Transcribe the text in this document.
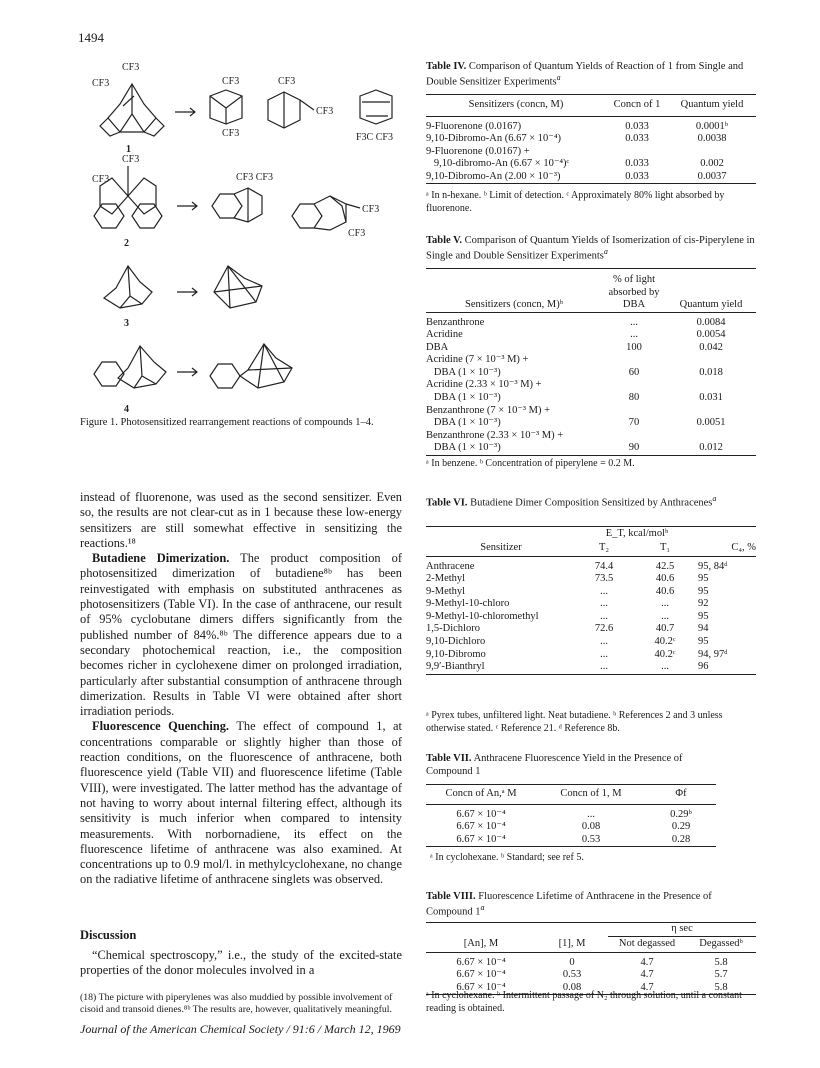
1494
CF3
CF3
1
CF3
CF3
CF3
CF3
F3C CF3
CF3
CF3
2
CF3 CF3
CF3
CF3
3
4
Figure 1. Photosensitized rearrangement reactions of compounds 1–4.
Table IV. Comparison of Quantum Yields of Reaction of 1 from Single and Double Sensitizer Experiments$^a$
Sensitizers (concn, M)	Concn of 1	Quantum yield

9-Fluorenone (0.0167)	0.033	0.0001ᵇ
9,10-Dibromo-An (6.67 × 10⁻⁴)	0.033	0.0038
9-Fluorenone (0.0167) +		
9,10-dibromo-An (6.67 × 10⁻⁴)ᶜ	0.033	0.002
9,10-Dibromo-An (2.00 × 10⁻³)	0.033	0.0037
ᵃ In n-hexane. ᵇ Limit of detection. ᶜ Approximately 80% light absorbed by fluorenone.
Table V. Comparison of Quantum Yields of Isomerization of cis-Piperylene in Single and Double Sensitizer Experiments$^a$
Sensitizers (concn, M)ᵇ	% of light absorbed by DBA	Quantum yield

Benzanthrone	...	0.0084
Acridine	...	0.0054
DBA	100	0.042
Acridine (7 × 10⁻³ M) +		
DBA (1 × 10⁻³)	60	0.018
Acridine (2.33 × 10⁻³ M) +		
DBA (1 × 10⁻³)	80	0.031
Benzanthrone (7 × 10⁻³ M) +		
DBA (1 × 10⁻³)	70	0.0051
Benzanthrone (2.33 × 10⁻³ M) +		
DBA (1 × 10⁻³)	90	0.012
ᵃ In benzene. ᵇ Concentration of piperylene = 0.2 M.
Table VI. Butadiene Dimer Composition Sensitized by Anthracenes$^a$
	E_T, kcal/molᵇ		
Sensitizer	T₂	T₁	C₄, %

Anthracene	74.4	42.5	95, 84ᵈ
2-Methyl	73.5	40.6	95
9-Methyl	...	40.6	95
9-Methyl-10-chloro	...	...	92
9-Methyl-10-chloromethyl	...	...	95
1,5-Dichloro	72.6	40.7	94
9,10-Dichloro	...	40.2ᶜ	95
9,10-Dibromo	...	40.2ᶜ	94, 97ᵈ
9,9′-Bianthryl	...	...	96
ᵃ Pyrex tubes, unfiltered light. Neat butadiene. ᵇ References 2 and 3 unless otherwise stated. ᶜ Reference 21. ᵈ Reference 8b.
Table VII. Anthracene Fluorescence Yield in the Presence of Compound 1
Concn of An,ᵃ M	Concn of 1, M	Φf

6.67 × 10⁻⁴	...	0.29ᵇ
6.67 × 10⁻⁴	0.08	0.29
6.67 × 10⁻⁴	0.53	0.28
ᵃ In cyclohexane. ᵇ Standard; see ref 5.
Table VIII. Fluorescence Lifetime of Anthracene in the Presence of Compound 1$^a$
		η sec	
[An], M	[1], M	Not degassed	Degassedᵇ

6.67 × 10⁻⁴	0	4.7	5.8
6.67 × 10⁻⁴	0.53	4.7	5.7
6.67 × 10⁻⁴	0.08	4.7	5.8
ᵃ In cyclohexane. ᵇ Intermittent passage of N₂ through solution, until a constant reading is obtained.

instead of fluorenone, was used as the second sensitizer. Even so, the results are not clear-cut as in 1 because these low-energy sensitizers are still somewhat effective in sensitizing the reactions.¹⁸

Butadiene Dimerization. The product composition of photosensitized dimerization of butadiene⁸ᵇ has been reinvestigated with emphasis on substituted anthracenes as photosensitizers (Table VI). In the case of anthracene, our result of 95% cyclobutane dimers differs significantly from the published number of 84%.⁸ᵇ The difference appears due to a secondary photochemical reaction, i.e., the composition becomes richer in cyclohexene dimer on prolonged irradiation, particularly after substantial consumption of anthracene through dimerization. Results in Table VI were obtained after short irradiation periods.

Fluorescence Quenching. The effect of compound 1, at concentrations comparable or slightly higher than those of reaction conditions, on the fluorescence of anthracene, both fluorescence yield (Table VII) and fluorescence lifetime (Table VIII), were investigated. The latter method has the advantage of not having to worry about internal filtering effect, although its sensitivity is much inferior when compared to intensity measurements. With norbornadiene, its effect on the fluorescence lifetime of anthracene was also examined. At concentrations up to 0.9 mol/l. in methylcyclohexane, no change on the radiative lifetime of anthracene singlets was observed.

Discussion

“Chemical spectroscopy,” i.e., the study of the excited-state properties of the donor molecules involved in a

(18) The picture with piperylenes was also muddied by possible involvement of cisoid and transoid dienes.⁸ᵇ The results are, however, qualitatively meaningful.
Journal of the American Chemical Society / 91:6 / March 12, 1969
